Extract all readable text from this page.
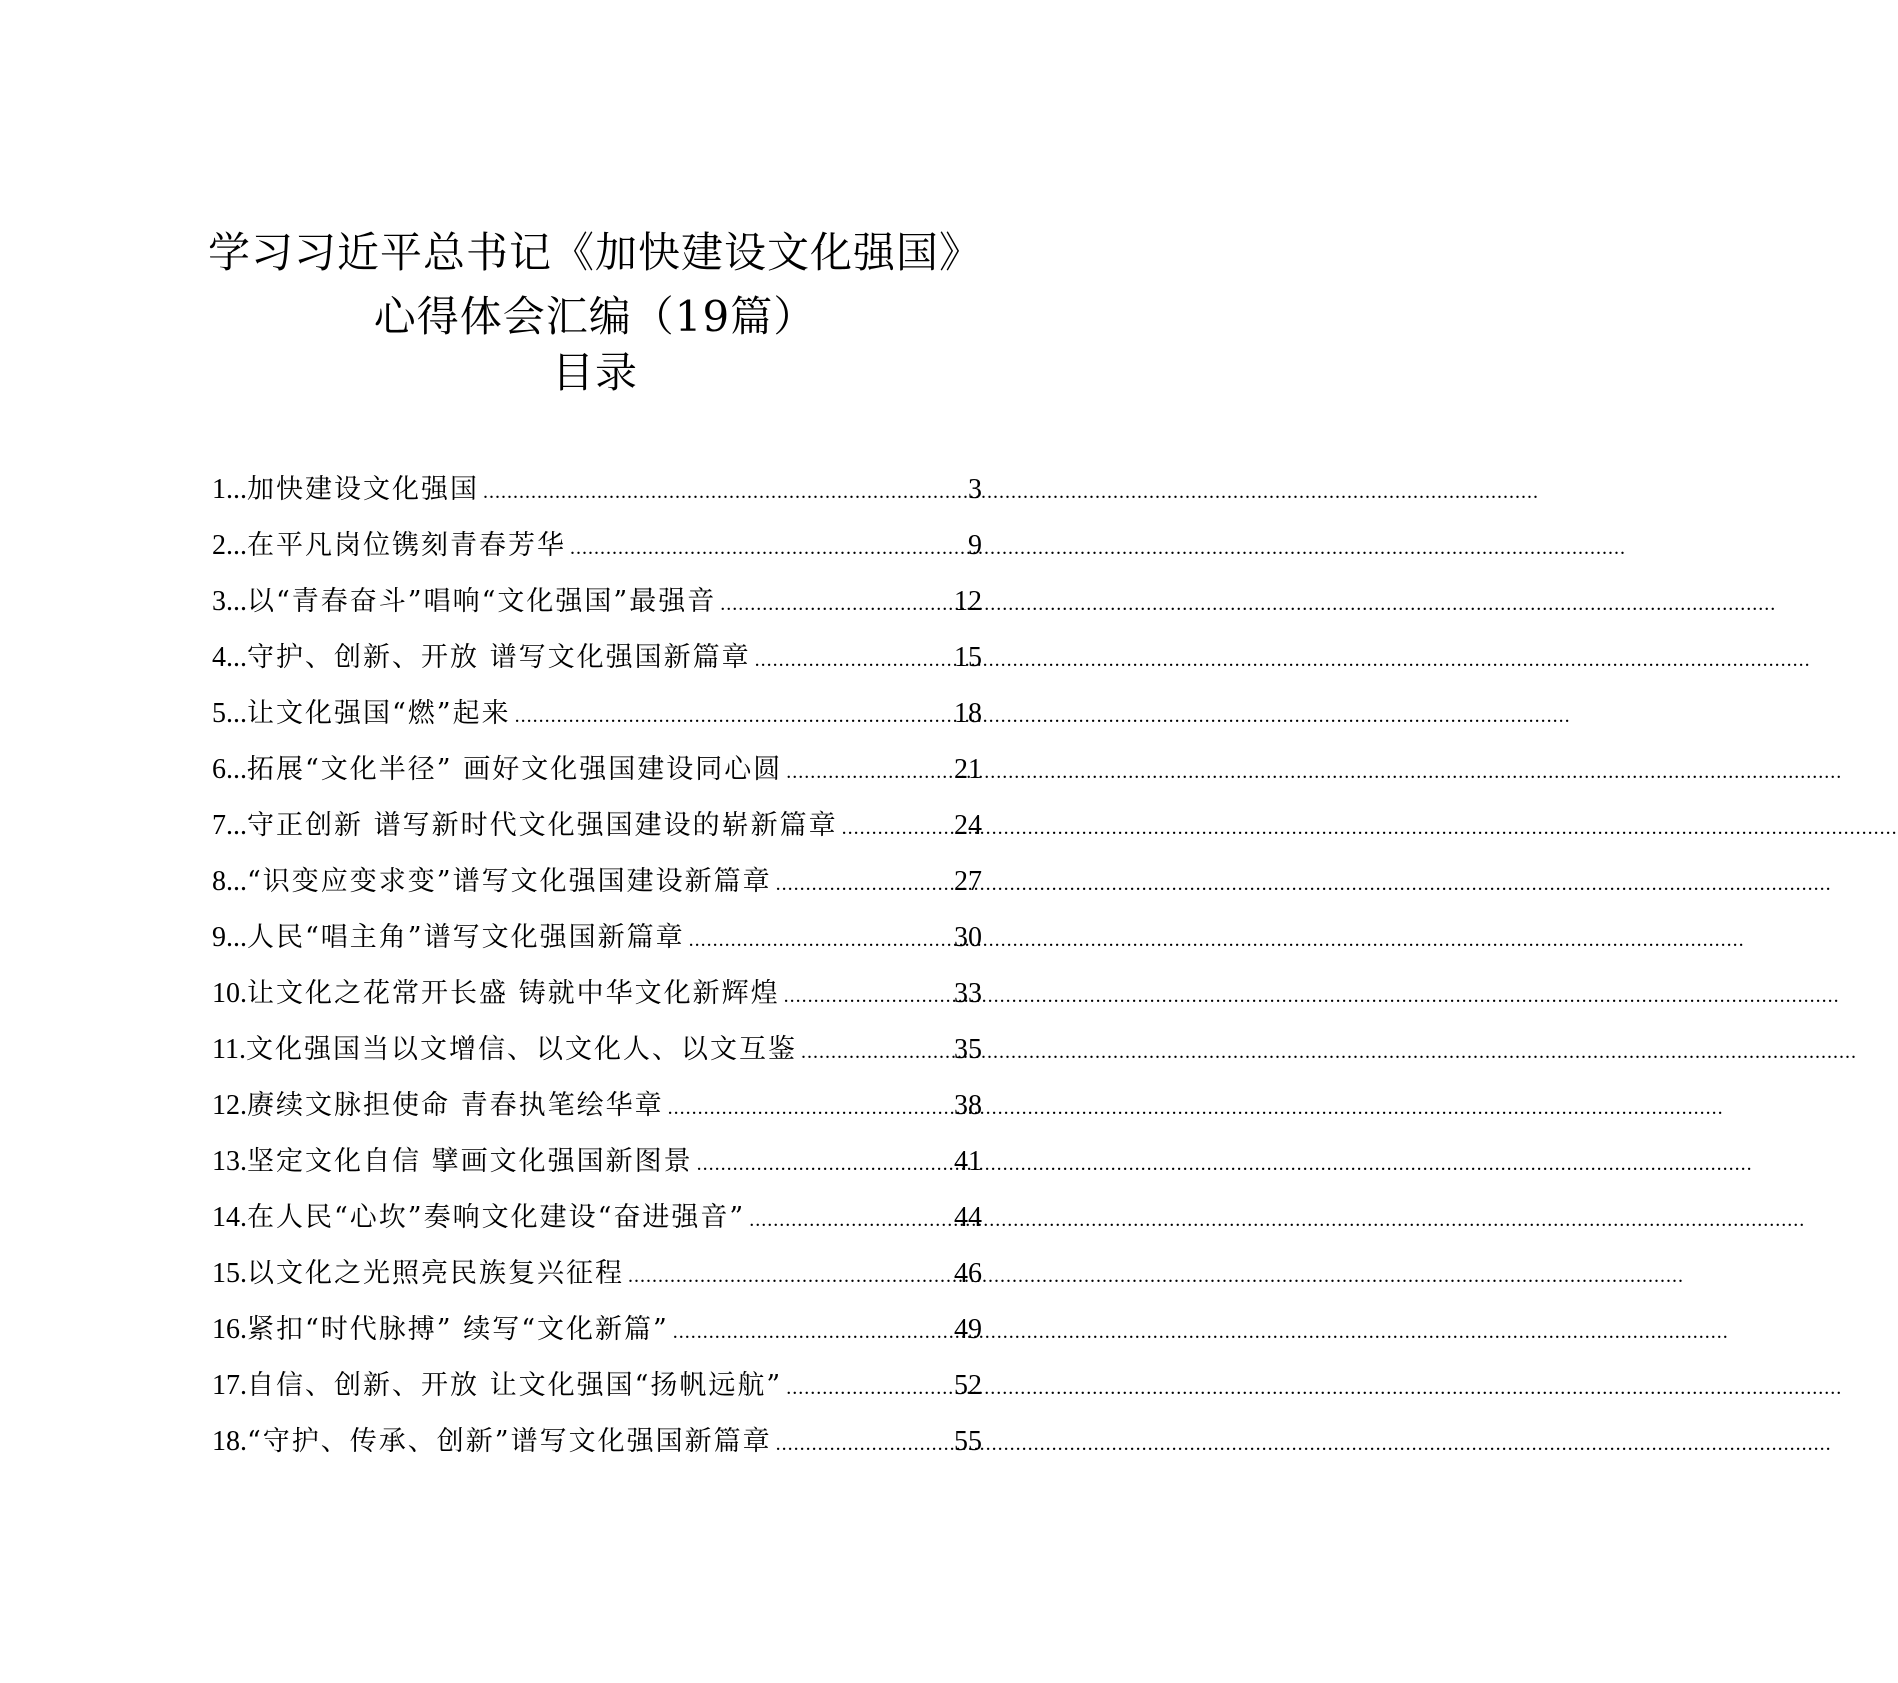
学习习近平总书记《加快建设文化强国》
心得体会汇编（19篇）
目录
1... 加快建设文化强国 .....	3
2... 在平凡岗位镌刻青春芳华 .....	9
3... 以“青春奋斗”唱响“文化强国”最强音 .....	12
4... 守护、创新、开放 谱写文化强国新篇章 .....	15
5... 让文化强国“燃”起来 .....	18
6... 拓展“文化半径” 画好文化强国建设同心圆 .....	21
7... 守正创新 谱写新时代文化强国建设的崭新篇章 .....	24
8... “识变应变求变”谱写文化强国建设新篇章 .....	27
9... 人民“唱主角”谱写文化强国新篇章 .....	30
10. 让文化之花常开长盛 铸就中华文化新辉煌 .....	33
11. 文化强国当以文增信、以文化人、以文互鉴 .....	35
12. 赓续文脉担使命 青春执笔绘华章 .....	38
13. 坚定文化自信 擘画文化强国新图景 .....	41
14. 在人民“心坎”奏响文化建设“奋进强音” .....	44
15. 以文化之光照亮民族复兴征程 .....	46
16. 紧扣“时代脉搏” 续写“文化新篇” .....	49
17. 自信、创新、开放 让文化强国“扬帆远航” .....	52
18. “守护、传承、创新”谱写文化强国新篇章 .....	55
